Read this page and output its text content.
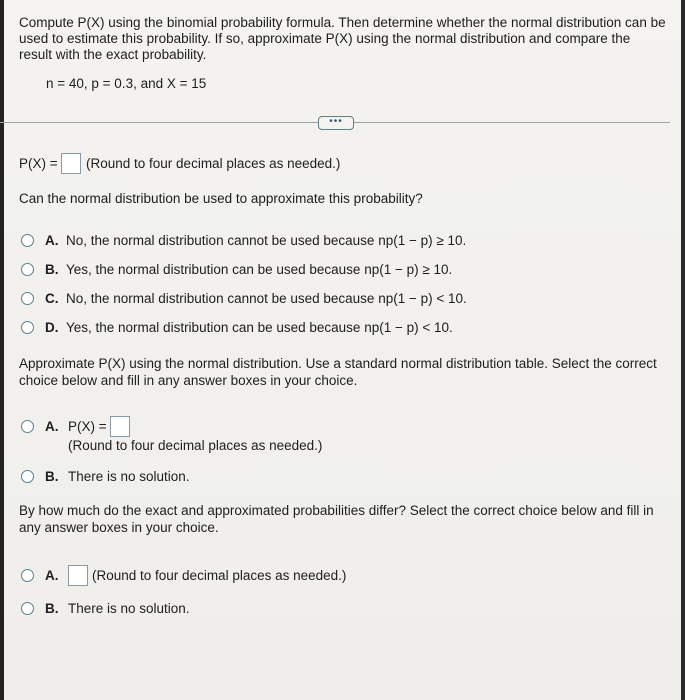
Compute P(X) using the binomial probability formula. Then determine whether the normal distribution can be
used to estimate this probability. If so, approximate P(X) using the normal distribution and compare the
result with the exact probability.
n = 40, p = 0.3, and X = 15
•••
P(X) = (Round to four decimal places as needed.)
Can the normal distribution be used to approximate this probability?
A. No, the normal distribution cannot be used because np(1 − p) ≥ 10.
B. Yes, the normal distribution can be used because np(1 − p) ≥ 10.
C. No, the normal distribution cannot be used because np(1 − p) < 10.
D. Yes, the normal distribution can be used because np(1 − p) < 10.
Approximate P(X) using the normal distribution. Use a standard normal distribution table. Select the correct
choice below and fill in any answer boxes in your choice.
A. P(X) =
(Round to four decimal places as needed.)
B. There is no solution.
By how much do the exact and approximated probabilities differ? Select the correct choice below and fill in
any answer boxes in your choice.
A. (Round to four decimal places as needed.)
B. There is no solution.
